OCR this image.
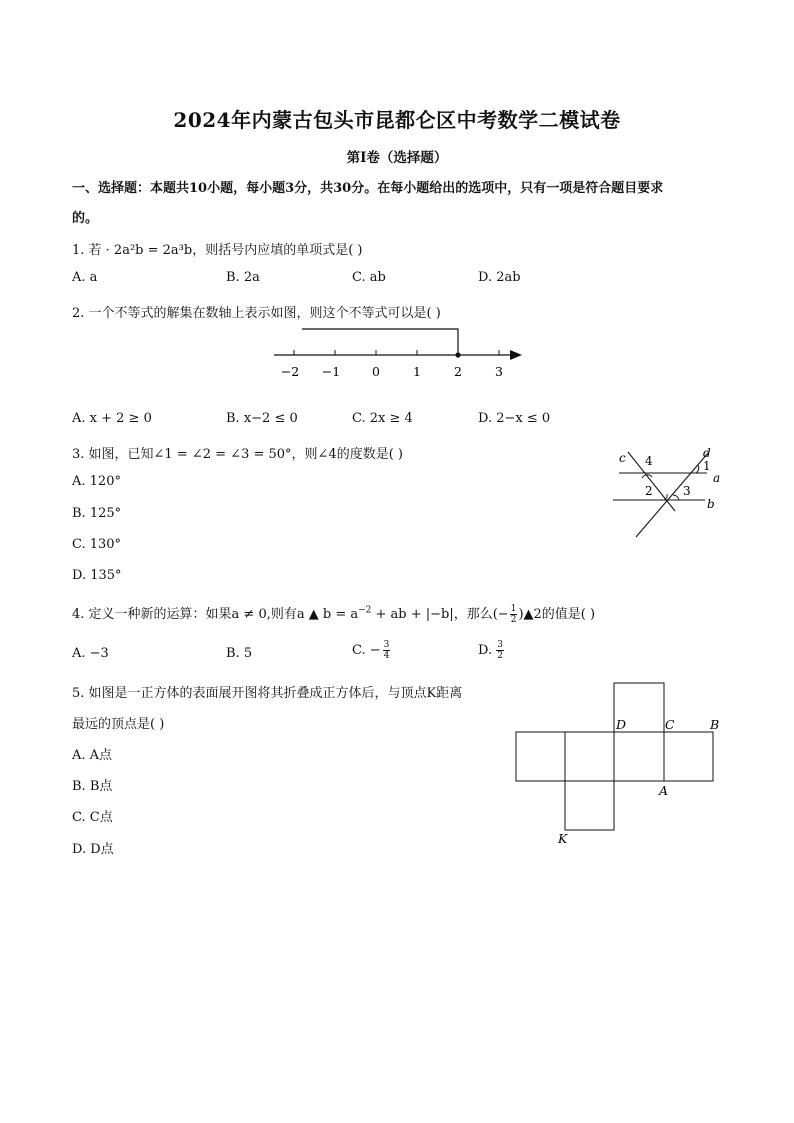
2024年内蒙古包头市昆都仑区中考数学二模试卷
第I卷（选择题）
一、选择题：本题共10小题，每小题3分，共30分。在每小题给出的选项中，只有一项是符合题目要求
的。
1. 若 · 2a²b = 2a³b，则括号内应填的单项式是( )
A. a	B. 2a	C. ab	D. 2ab
2. 一个不等式的解集在数轴上表示如图，则这个不等式可以是( )
−2 −1	0	1	2	3
A. x + 2 ≥ 0	B. x−2 ≤ 0	C. 2x ≥ 4	D. 2−x ≤ 0
3. 如图，已知∠1 = ∠2 = ∠3 = 50°，则∠4的度数是( )
A. 120°
B. 125°
C. 130°
D. 135°
c	d
a
b
1
2	3
4
4. 定义一种新的运算：如果a ≠ 0,则有a ▲ $b = a^{-2}$ + ab + |−b|，那么(− $\frac{1}{2}$ )▲2的值是( )
A. −3	B. 5	C. − $\frac{3}{4}$	D. $\frac{3}{2}$
5. 如图是一正方体的表面展开图将其折叠成正方体后，与顶点K距离
最远的顶点是( )
A. A点
B. B点
C. C点
D. D点
D	C	B
A
K
